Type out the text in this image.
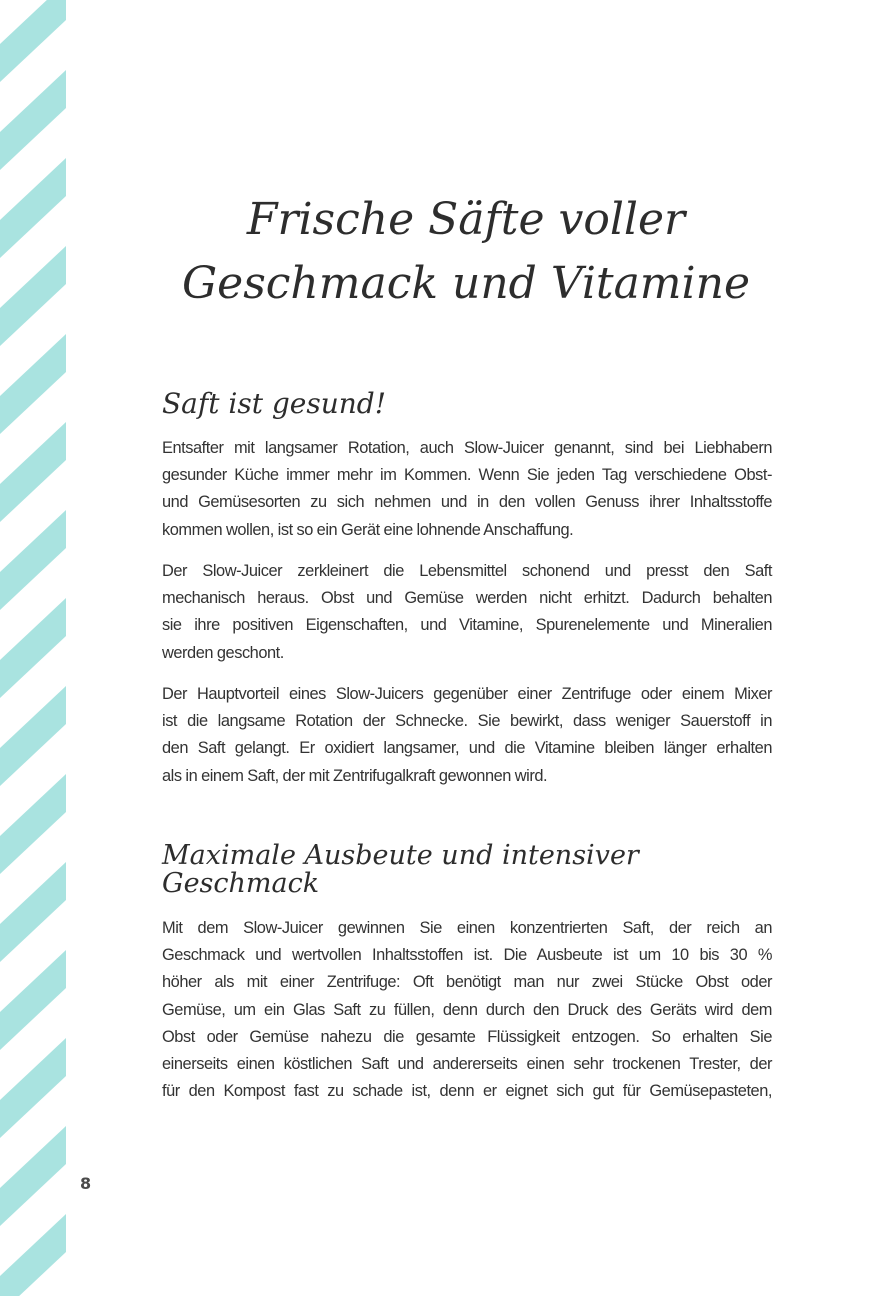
Frische Säfte voller
Geschmack und Vitamine
Saft ist gesund!

Entsafter mit langsamer Rotation, auch Slow-Juicer genannt, sind bei Liebhabern
gesunder Küche immer mehr im Kommen. Wenn Sie jeden Tag verschiedene Obst-
und Gemüsesorten zu sich nehmen und in den vollen Genuss ihrer Inhaltsstoffe
kommen wollen, ist so ein Gerät eine lohnende Anschaffung.

Der Slow-Juicer zerkleinert die Lebensmittel schonend und presst den Saft
mechanisch heraus. Obst und Gemüse werden nicht erhitzt. Dadurch behalten
sie ihre positiven Eigenschaften, und Vitamine, Spurenelemente und Mineralien
werden geschont.

Der Hauptvorteil eines Slow-Juicers gegenüber einer Zentrifuge oder einem Mixer
ist die langsame Rotation der Schnecke. Sie bewirkt, dass weniger Sauerstoff in
den Saft gelangt. Er oxidiert langsamer, und die Vitamine bleiben länger erhalten
als in einem Saft, der mit Zentrifugalkraft gewonnen wird.

Maximale Ausbeute und intensiver
Geschmack

Mit dem Slow-Juicer gewinnen Sie einen konzentrierten Saft, der reich an
Geschmack und wertvollen Inhaltsstoffen ist. Die Ausbeute ist um 10 bis 30 %
höher als mit einer Zentrifuge: Oft benötigt man nur zwei Stücke Obst oder
Gemüse, um ein Glas Saft zu füllen, denn durch den Druck des Geräts wird dem
Obst oder Gemüse nahezu die gesamte Flüssigkeit entzogen. So erhalten Sie
einerseits einen köstlichen Saft und andererseits einen sehr trockenen Trester, der
für den Kompost fast zu schade ist, denn er eignet sich gut für Gemüsepasteten,

8
